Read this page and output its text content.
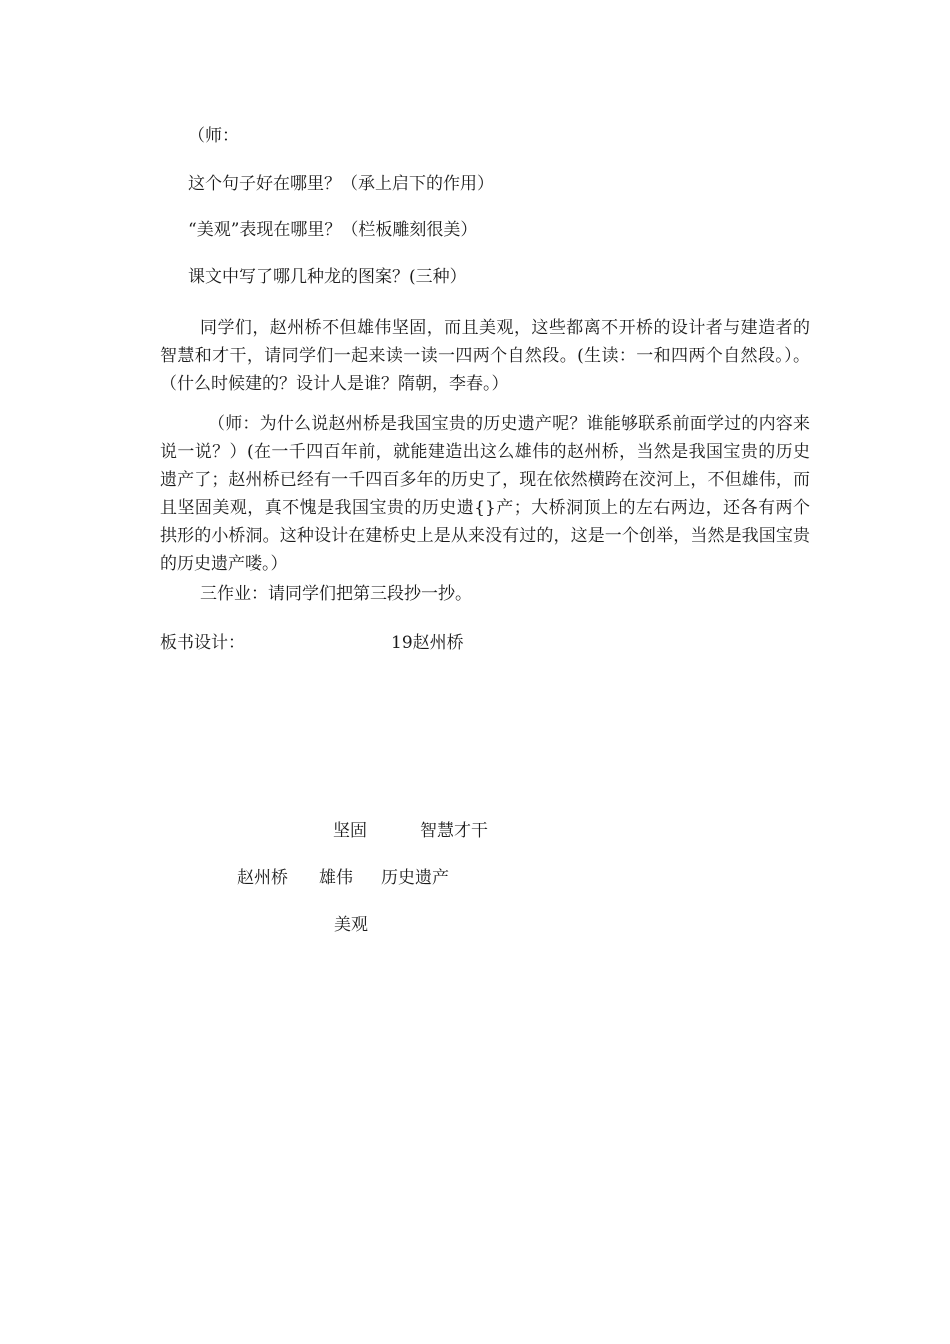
（师：
这个句子好在哪里？（承上启下的作用）
“美观”表现在哪里？（栏板雕刻很美）
课文中写了哪几种龙的图案？(三种）
同学们，赵州桥不但雄伟坚固，而且美观，这些都离不开桥的设计者与建造者的智慧和才干，请同学们一起来读一读一四两个自然段。(生读：一和四两个自然段。）。（什么时候建的？设计人是谁？隋朝，李春。）
（师：为什么说赵州桥是我国宝贵的历史遗产呢？谁能够联系前面学过的内容来说一说？）(在一千四百年前，就能建造出这么雄伟的赵州桥，当然是我国宝贵的历史遗产了；赵州桥已经有一千四百多年的历史了，现在依然横跨在洨河上，不但雄伟，而且坚固美观，真不愧是我国宝贵的历史遗{}产；大桥洞顶上的左右两边，还各有两个拱形的小桥洞。这种设计在建桥史上是从来没有过的，这是一个创举，当然是我国宝贵的历史遗产喽。）
三作业：请同学们把第三段抄一抄。
板书设计：	19赵州桥
坚固	智慧才干
赵州桥 雄伟 历史遗产
美观
